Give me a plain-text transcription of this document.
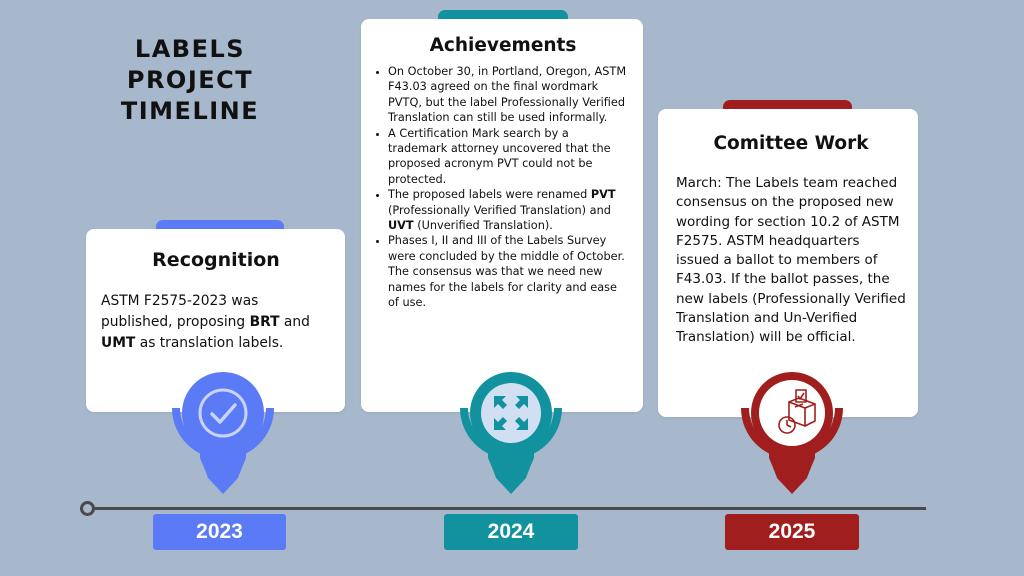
LABELS
PROJECT
TIMELINE
Recognition

ASTM F2575-2023 was published, proposing BRT and UMT as translation labels.

Achievements
• On October 30, in Portland, Oregon, ASTM F43.03 agreed on the final wordmark PVTQ, but the label Professionally Verified Translation can still be used informally.
• A Certification Mark search by a trademark attorney uncovered that the proposed acronym PVT could not be protected.
• The proposed labels were renamed PVT (Professionally Verified Translation) and UVT (Unverified Translation).
• Phases I, II and III of the Labels Survey were concluded by the middle of October. The consensus was that we need new names for the labels for clarity and ease of use.
Comittee Work

March: The Labels team reached consensus on the proposed new wording for section 10.2 of ASTM F2575. ASTM headquarters issued a ballot to members of F43.03. If the ballot passes, the new labels (Professionally Verified Translation and Un-Verified Translation) will be official.

2023	2024	2025
